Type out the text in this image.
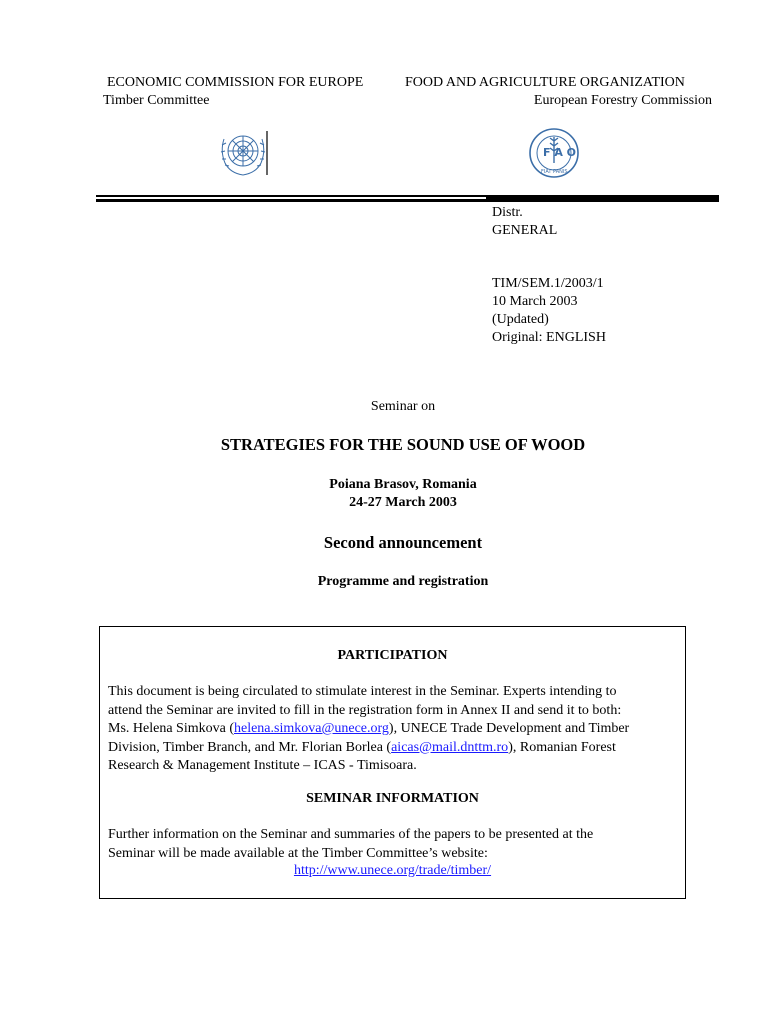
ECONOMIC COMMISSION FOR EUROPE
Timber Committee
FOOD AND AGRICULTURE ORGANIZATION
European Forestry Commission
F A O
FIAT PANIS
Distr.
GENERAL
TIM/SEM.1/2003/1
10 March 2003
(Updated)
Original: ENGLISH
Seminar on
STRATEGIES FOR THE SOUND USE OF WOOD
Poiana Brasov, Romania
24-27 March 2003
Second announcement
Programme and registration
PARTICIPATION
This document is being circulated to stimulate interest in the Seminar. Experts intending to
attend the Seminar are invited to fill in the registration form in Annex II and send it to both:
Ms. Helena Simkova (helena.simkova@unece.org), UNECE Trade Development and Timber
Division, Timber Branch, and Mr. Florian Borlea (aicas@mail.dnttm.ro), Romanian Forest
Research & Management Institute – ICAS - Timisoara.
SEMINAR INFORMATION
Further information on the Seminar and summaries of the papers to be presented at the
Seminar will be made available at the Timber Committee’s website:
http://www.unece.org/trade/timber/
